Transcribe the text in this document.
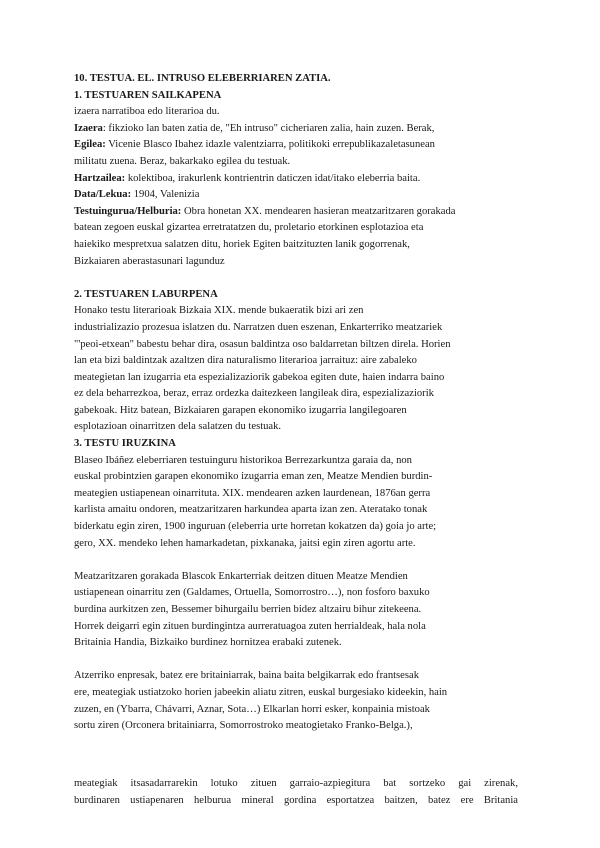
10. TESTUA. EL. INTRUSO ELEBERRIAREN ZATIA.
1. TESTUAREN SAILKAPENA
izaera narratiboa edo literarioa du.
Izaera: fikzioko lan baten zatia de, "Eh intruso" cicheriaren zalia, hain zuzen. Berak,
Egilea: Vicenie Blasco Ibahez idazle valentziarra, politikoki errepublikazaletasunean
militatu zuena. Beraz, bakarkako egilea du testuak.
Hartzailea: kolektiboa, irakurlenk kontrientrin daticzen idat/itako eleberria baita.
Data/Lekua: 1904, Valenizia
Testuingurua/Helburia: Obra honetan XX. mendearen hasieran meatzaritzaren gorakada
batean zegoen euskal gizartea erretratatzen du, proletario etorkinen esplotazioa eta
haiekiko mespretxua salatzen ditu, horiek Egiten baitzituzten lanik gogorrenak,
Bizkaiaren aberastasunari lagunduz
2. TESTUAREN LABURPENA
Honako testu literarioak Bizkaia XIX. mende bukaeratik bizi ari zen
industrializazio prozesua islatzen du. Narratzen duen eszenan, Enkarterriko meatzariek
"'peoi-etxean" babestu behar dira, osasun baldintza oso baldarretan biltzen direla. Horien
lan eta bizi baldintzak azaltzen dira naturalismo literarioa jarraituz: aire zabaleko
meategietan lan izugarria eta espezializaziorik gabekoa egiten dute, haien indarra baino
ez dela beharrezkoa, beraz, erraz ordezka daitezkeen langileak dira, espezializaziorik
gabekoak. Hitz batean, Bizkaiaren garapen ekonomiko izugarria langilegoaren
esplotazioan oinarritzen dela salatzen du testuak.
3. TESTU IRUZKINA
Blaseo Ibáñez eleberriaren testuinguru historikoa Berrezarkuntza garaia da, non
euskal probintzien garapen ekonomiko izugarria eman zen, Meatze Mendien burdin-
meategien ustiapenean oinarrituta. XIX. mendearen azken laurdenean, 1876an gerra
karlista amaitu ondoren, meatzaritzaren harkundea aparta izan zen. Ateratako tonak
biderkatu egin ziren, 1900 inguruan (eleberria urte horretan kokatzen da) goia jo arte;
gero, XX. mendeko lehen hamarkadetan, pixkanaka, jaitsi egin ziren agortu arte.
Meatzaritzaren gorakada Blascok Enkarterriak deitzen dituen Meatze Mendien
ustiapenean oinarritu zen (Galdames, Ortuella, Somorrostro…), non fosforo baxuko
burdina aurkitzen zen, Bessemer bihurgailu berrien bidez altzairu bihur zitekeena.
Horrek deigarri egin zituen burdingintza aurreratuagoa zuten herrialdeak, hala nola
Britainia Handia, Bizkaiko burdinez hornitzea erabaki zutenek.
Atzerriko enpresak, batez ere britainiarrak, baina baita belgikarrak edo frantsesak
ere, meategiak ustiatzoko horien jabeekin aliatu zitren, euskal burgesiako kideekin, hain
zuzen, en (Ybarra, Chávarri, Aznar, Sota…) Elkarlan horri esker, konpainia mistoak
sortu ziren (Orconera britainiarra, Somorrostroko meatogietako Franko-Belga.),
meategiak itsasadarrarekin lotuko zituen garraio-azpiegitura bat sortzeko gai zirenak,
burdinaren ustiapenaren helburua mineral gordina esportatzea baitzen, batez ere Britania
